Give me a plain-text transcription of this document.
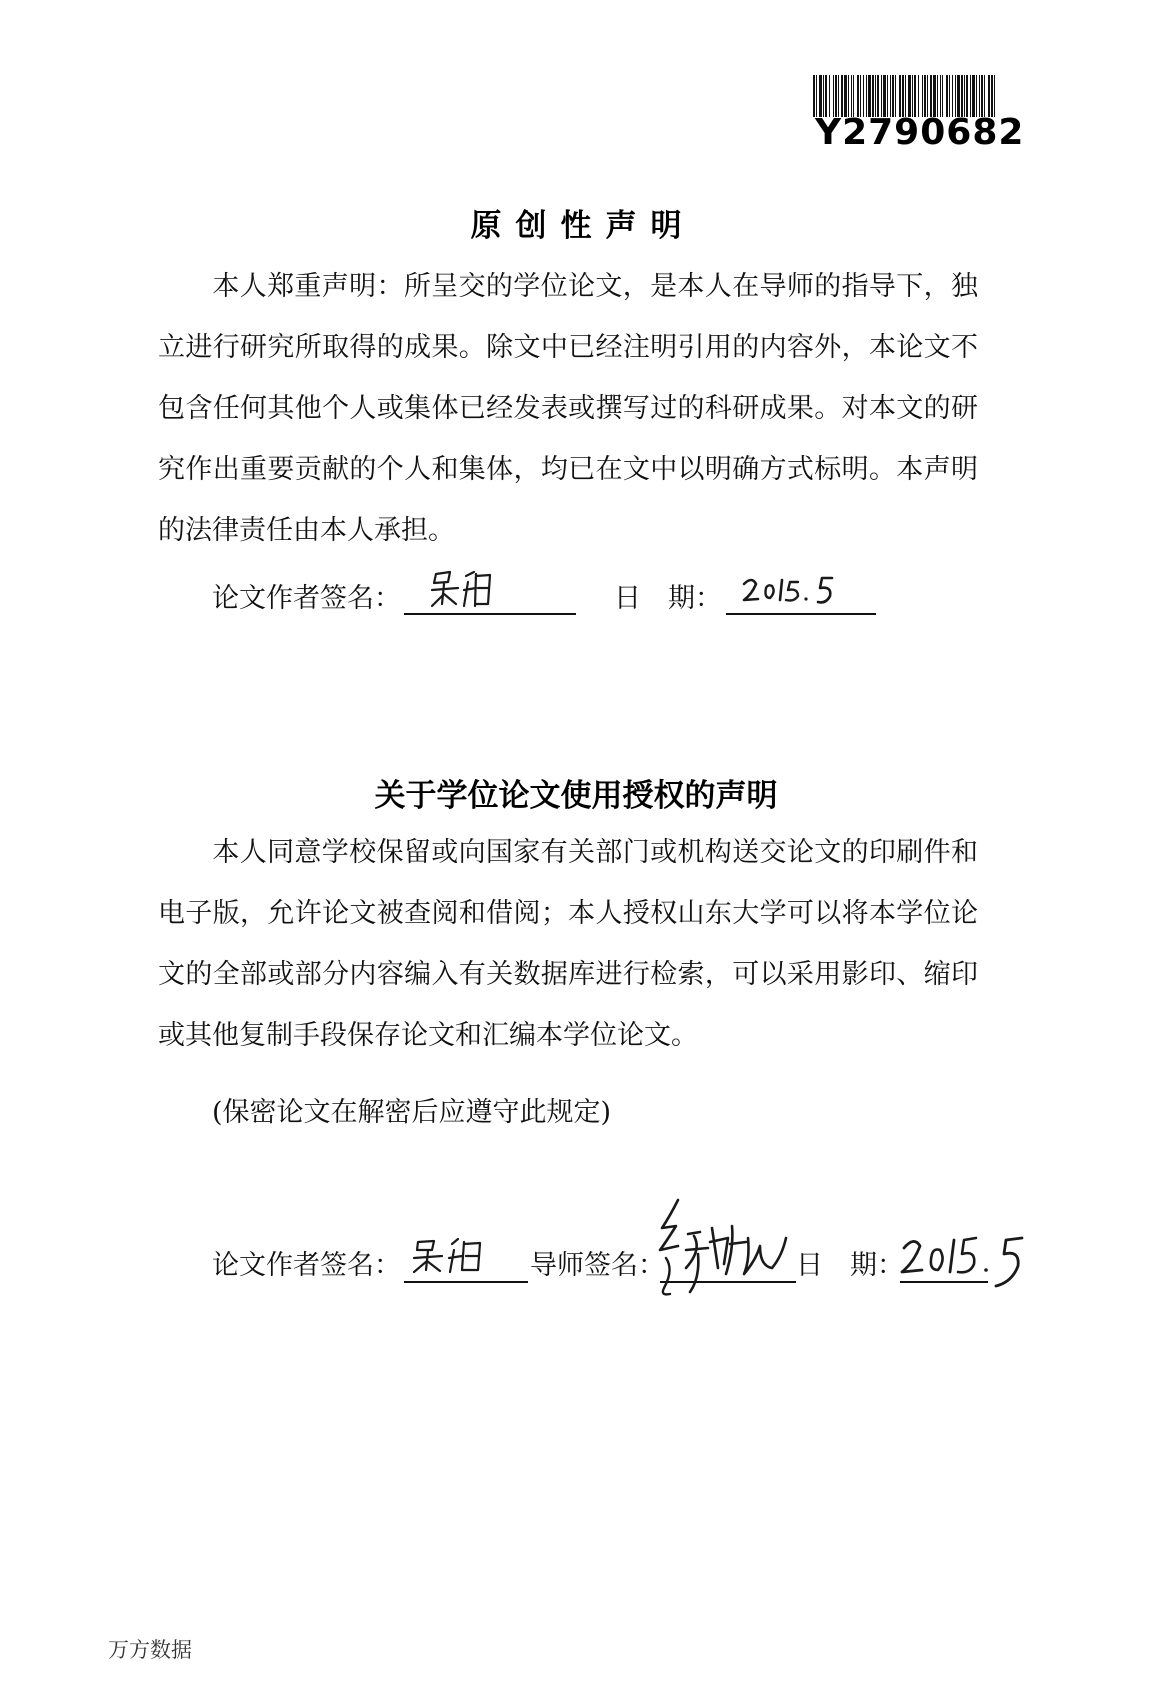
Y2790682
原创性声明
本人郑重声明：所呈交的学位论文，是本人在导师的指导下，独立进行研究所取得的成果。除文中已经注明引用的内容外，本论文不包含任何其他个人或集体已经发表或撰写过的科研成果。对本文的研究作出重要贡献的个人和集体，均已在文中以明确方式标明。本声明的法律责任由本人承担。
论文作者签名：	日　期：
关于学位论文使用授权的声明
本人同意学校保留或向国家有关部门或机构送交论文的印刷件和电子版，允许论文被查阅和借阅；本人授权山东大学可以将本学位论文的全部或部分内容编入有关数据库进行检索，可以采用影印、缩印或其他复制手段保存论文和汇编本学位论文。
(保密论文在解密后应遵守此规定)
论文作者签名：	导师签名：	日　期：
万方数据
